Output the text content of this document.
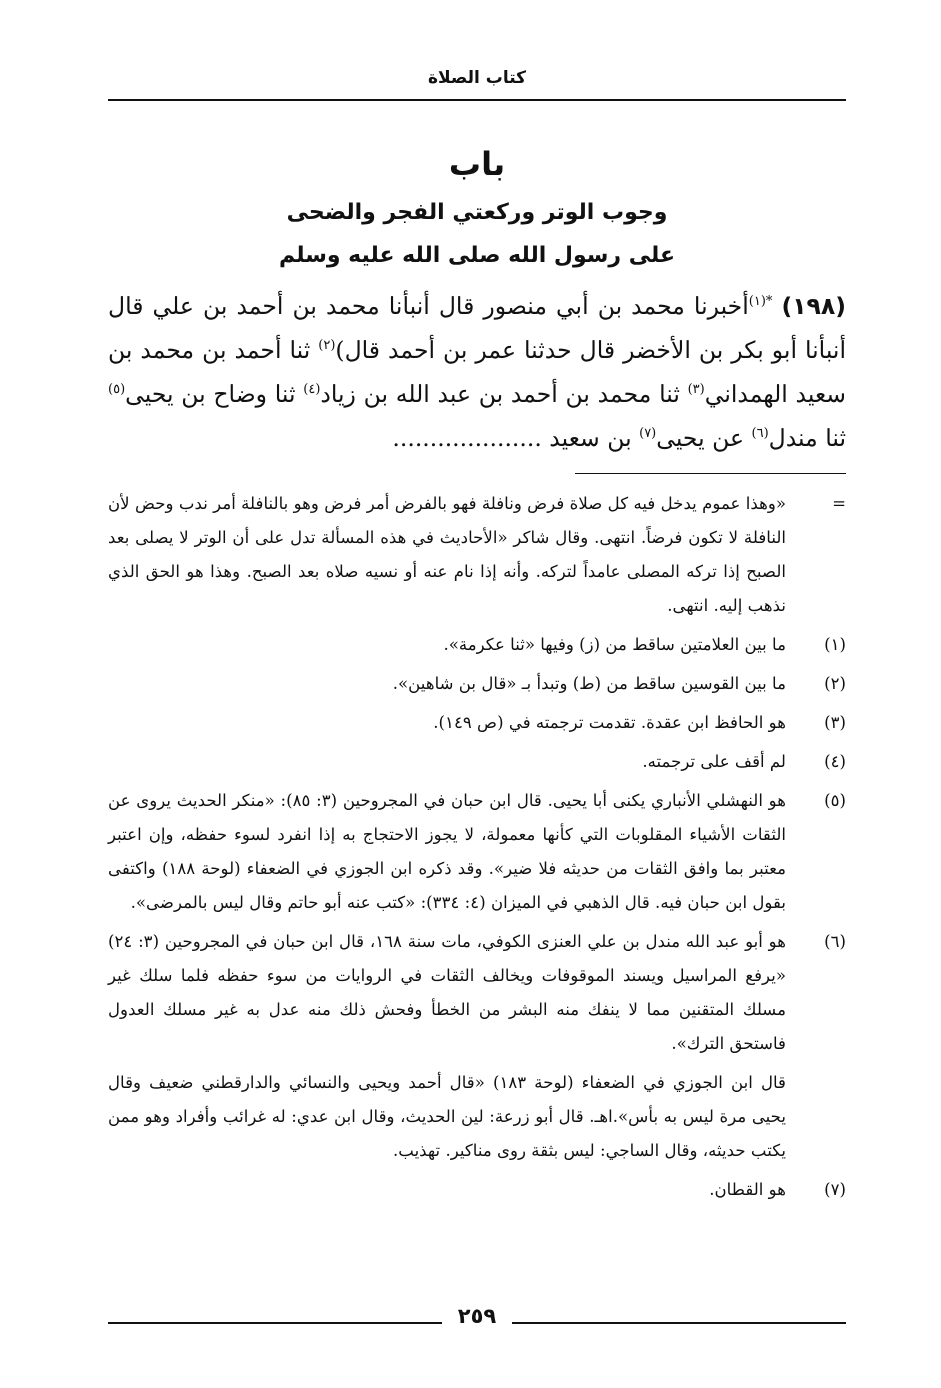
كتاب الصلاة
باب
وجوب الوتر وركعتي الفجر والضحى
على رسول الله صلى الله عليه وسلم
(١٩٨) $^{*(١)}$أخبرنا محمد بن أبي منصور قال أنبأنا محمد بن أحمد بن علي قال أنبأنا أبو بكر بن الأخضر قال حدثنا عمر بن أحمد قال)$^{(٢)}$ ثنا أحمد بن محمد بن سعيد الهمداني$^{(٣)}$ ثنا محمد بن أحمد بن عبد الله بن زياد$^{(٤)}$ ثنا وضاح بن يحيى$^{(٥)}$ ثنا مندل$^{(٦)}$ عن يحيى$^{(٧)}$ بن سعيد ....................
=
«وهذا عموم يدخل فيه كل صلاة فرض ونافلة فهو بالفرض أمر فرض وهو بالنافلة أمر ندب وحض لأن النافلة لا تكون فرضاً. انتهى. وقال شاكر «الأحاديث في هذه المسألة تدل على أن الوتر لا يصلى بعد الصبح إذا تركه المصلى عامداً لتركه. وأنه إذا نام عنه أو نسيه صلاه بعد الصبح. وهذا هو الحق الذي نذهب إليه. انتهى.
(١)
ما بين العلامتين ساقط من (ز) وفيها «ثنا عكرمة».
(٢)
ما بين القوسين ساقط من (ط) وتبدأ بـ «قال بن شاهين».
(٣)
هو الحافظ ابن عقدة. تقدمت ترجمته في (ص ١٤٩).
(٤)
لم أقف على ترجمته.
(٥)
هو النهشلي الأنباري يكنى أبا يحيى. قال ابن حبان في المجروحين (٣: ٨٥): «منكر الحديث يروى عن الثقات الأشياء المقلوبات التي كأنها معمولة، لا يجوز الاحتجاج به إذا انفرد لسوء حفظه، وإن اعتبر معتبر بما وافق الثقات من حديثه فلا ضير». وقد ذكره ابن الجوزي في الضعفاء (لوحة ١٨٨) واكتفى بقول ابن حبان فيه. قال الذهبي في الميزان (٤: ٣٣٤): «كتب عنه أبو حاتم وقال ليس بالمرضى».
(٦)
هو أبو عبد الله مندل بن علي العنزى الكوفي، مات سنة ١٦٨، قال ابن حبان في المجروحين (٣: ٢٤) «يرفع المراسيل ويسند الموقوفات ويخالف الثقات في الروايات من سوء حفظه فلما سلك غير مسلك المتقنين مما لا ينفك منه البشر من الخطأ وفحش ذلك منه عدل به غير مسلك العدول فاستحق الترك».
قال ابن الجوزي في الضعفاء (لوحة ١٨٣) «قال أحمد ويحيى والنسائي والدارقطني ضعيف وقال يحيى مرة ليس به بأس».اهـ. قال أبو زرعة: لين الحديث، وقال ابن عدي: له غرائب وأفراد وهو ممن يكتب حديثه، وقال الساجي: ليس بثقة روى مناكير. تهذيب.
(٧)
هو القطان.
٢٥٩
